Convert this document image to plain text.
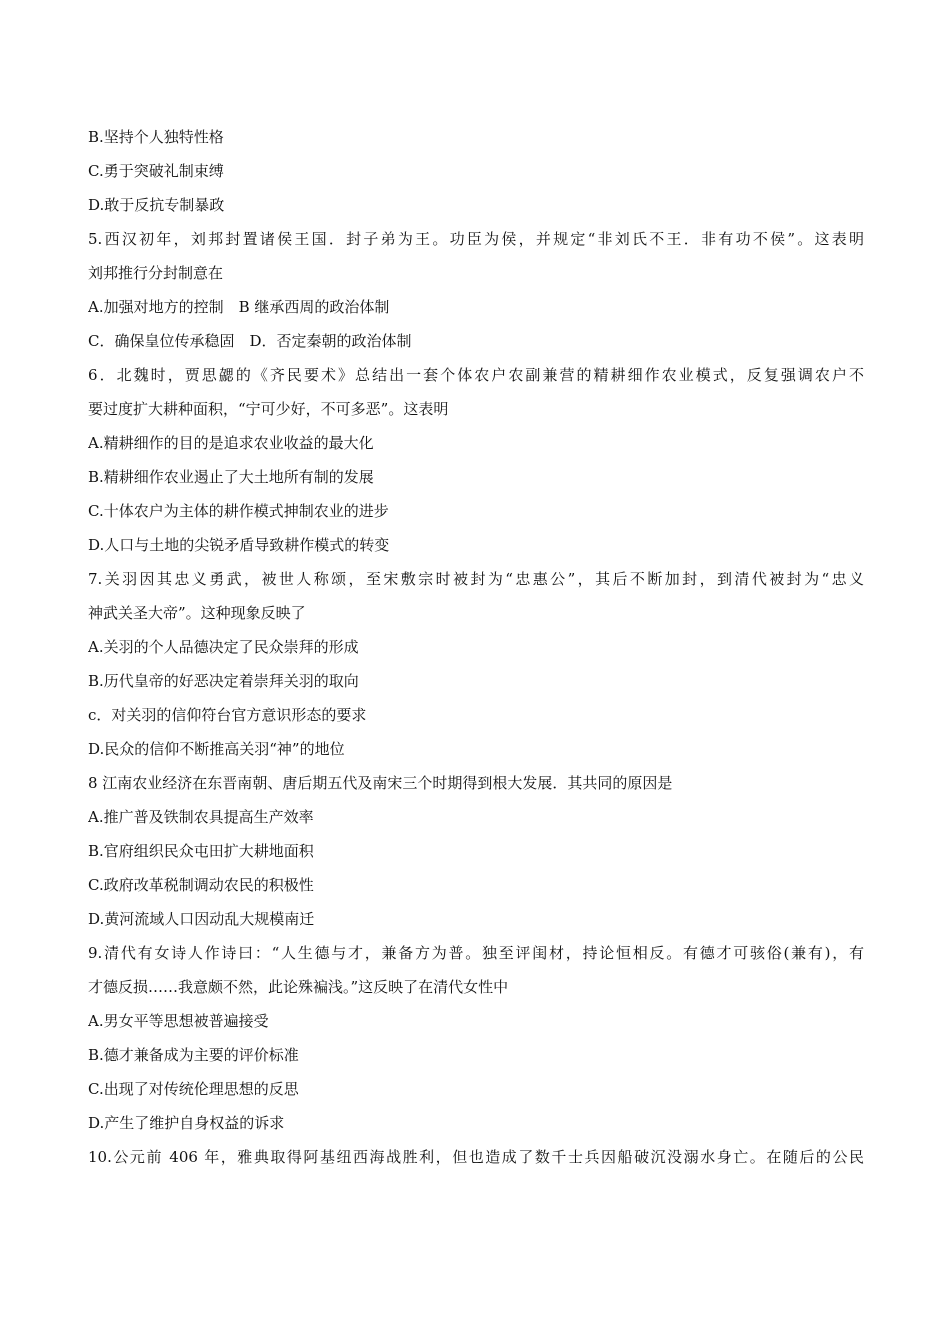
B.坚持个人独特性格
C.勇于突破礼制束缚
D.敢于反抗专制暴政
5.西汉初年，刘邦封置诸侯王国．封子弟为王。功臣为侯，并规定“非刘氏不王．非有功不侯”。这表明
刘邦推行分封制意在
A.加强对地方的控制　B 继承西周的政治体制
C．确保皇位传承稳固　D．否定秦朝的政治体制
6．北魏时，贾思勰的《齐民要术》总结出一套个体农户农副兼营的精耕细作农业模式，反复强调农户不
要过度扩大耕种面积，“宁可少好，不可多恶”。这表明
A.精耕细作的目的是追求农业收益的最大化
B.精耕细作农业遏止了大土地所有制的发展
C.十体农户为主体的耕作模式抻制农业的进步
D.人口与土地的尖锐矛盾导致耕作模式的转变
7.关羽因其忠义勇武，被世人称颂，至宋敷宗时被封为“忠惠公”，其后不断加封，到清代被封为“忠义
神武关圣大帝”。这种现象反映了
A.关羽的个人品德决定了民众崇拜的形成
B.历代皇帝的好恶决定着崇拜关羽的取向
c．对关羽的信仰符台官方意识形态的要求
D.民众的信仰不断推高关羽“神”的地位
8 江南农业经济在东晋南朝、唐后期五代及南宋三个时期得到根大发展．其共同的原因是
A.推广普及铁制农具提高生产效率
B.官府组织民众屯田扩大耕地面积
C.政府改革税制调动农民的积极性
D.黄河流域人口因动乱大规模南迁
9.清代有女诗人作诗曰：“人生德与才，兼备方为普。独至评闺材，持论恒相反。有德才可骇俗(兼有)，有
才德反损……我意颇不然，此论殊褊浅。”这反映了在清代女性中
A.男女平等思想被普遍接受
B.德才兼备成为主要的评价标准
C.出现了对传统伦理思想的反思
D.产生了维护自身权益的诉求
10.公元前 406 年，雅典取得阿基纽西海战胜利，但也造成了数千士兵因船破沉没溺水身亡。在随后的公民
